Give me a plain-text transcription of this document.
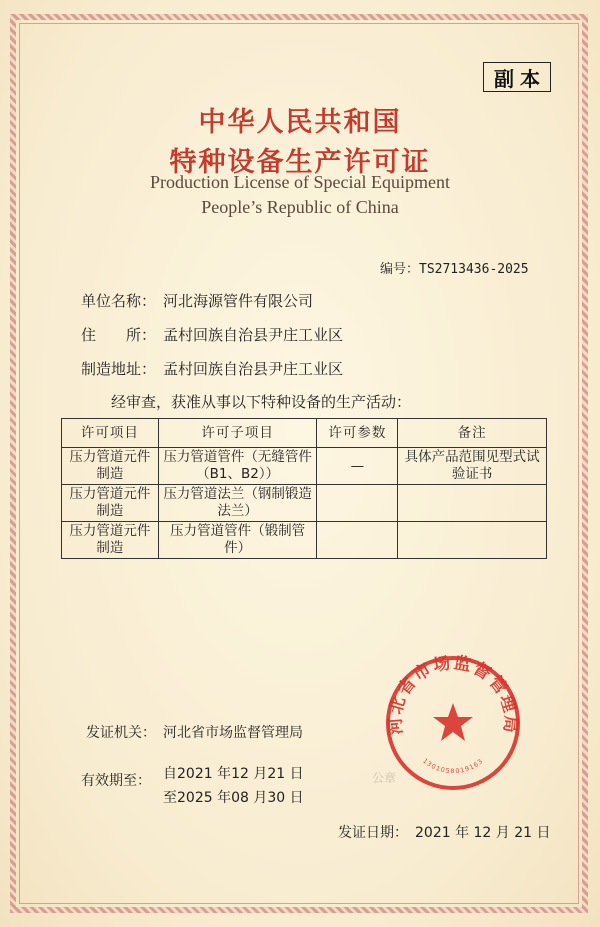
副本
中华人民共和国
特种设备生产许可证
Production License of Special Equipment
People’s Republic of China
编号：TS2713436-2025
单位名称： 河北海源管件有限公司
住　　所： 孟村回族自治县尹庄工业区
制造地址： 孟村回族自治县尹庄工业区
经审查，获准从事以下特种设备的生产活动：
许可项目	许可子项目	许可参数	备注
压力管道元件制造	压力管道管件（无缝管件（B1、B2））	—	具体产品范围见型式试验证书
压力管道元件制造	压力管道法兰（钢制锻造法兰）		
压力管道元件制造	压力管道管件（锻制管件）		
发证机关：　河北省市场监督管理局
有效期至： 自2021 年12 月21 日
至2025 年08 月30 日
发证日期：　2021 年 12 月 21 日
河北省市场监督管理局
1301058019163
公章
